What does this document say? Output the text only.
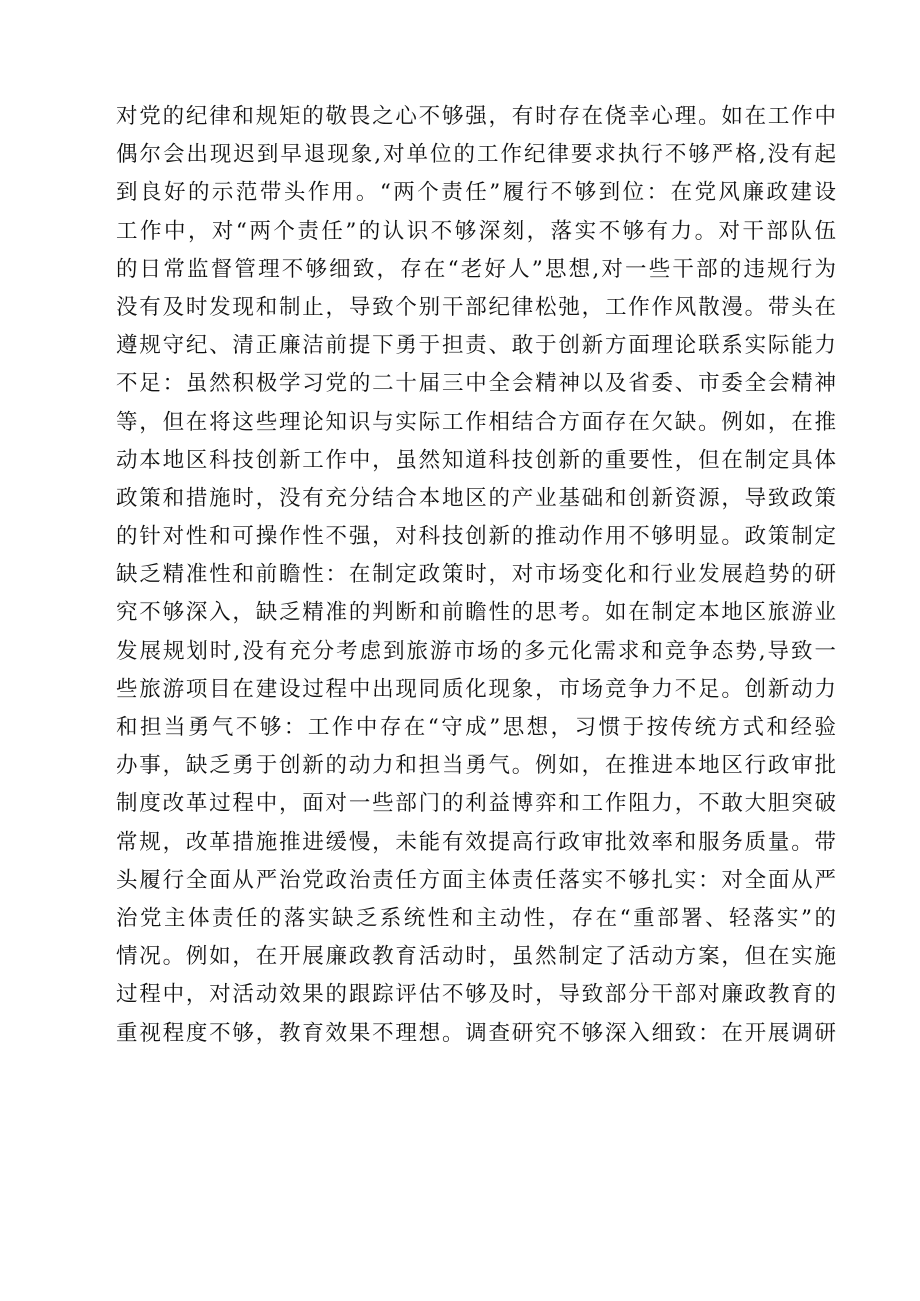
对党的纪律和规矩的敬畏之心不够强，有时存在侥幸心理。如在工作中
偶尔会出现迟到早退现象,对单位的工作纪律要求执行不够严格,没有起
到良好的示范带头作用。“两个责任”履行不够到位：在党风廉政建设
工作中，对“两个责任”的认识不够深刻，落实不够有力。对干部队伍
的日常监督管理不够细致，存在“老好人”思想,对一些干部的违规行为
没有及时发现和制止，导致个别干部纪律松弛，工作作风散漫。带头在
遵规守纪、清正廉洁前提下勇于担责、敢于创新方面理论联系实际能力
不足：虽然积极学习党的二十届三中全会精神以及省委、市委全会精神
等，但在将这些理论知识与实际工作相结合方面存在欠缺。例如，在推
动本地区科技创新工作中，虽然知道科技创新的重要性，但在制定具体
政策和措施时，没有充分结合本地区的产业基础和创新资源，导致政策
的针对性和可操作性不强，对科技创新的推动作用不够明显。政策制定
缺乏精准性和前瞻性：在制定政策时，对市场变化和行业发展趋势的研
究不够深入，缺乏精准的判断和前瞻性的思考。如在制定本地区旅游业
发展规划时,没有充分考虑到旅游市场的多元化需求和竞争态势,导致一
些旅游项目在建设过程中出现同质化现象，市场竞争力不足。创新动力
和担当勇气不够：工作中存在“守成”思想，习惯于按传统方式和经验
办事，缺乏勇于创新的动力和担当勇气。例如，在推进本地区行政审批
制度改革过程中，面对一些部门的利益博弈和工作阻力，不敢大胆突破
常规，改革措施推进缓慢，未能有效提高行政审批效率和服务质量。带
头履行全面从严治党政治责任方面主体责任落实不够扎实：对全面从严
治党主体责任的落实缺乏系统性和主动性，存在“重部署、轻落实”的
情况。例如，在开展廉政教育活动时，虽然制定了活动方案，但在实施
过程中，对活动效果的跟踪评估不够及时，导致部分干部对廉政教育的
重视程度不够，教育效果不理想。调查研究不够深入细致：在开展调研
